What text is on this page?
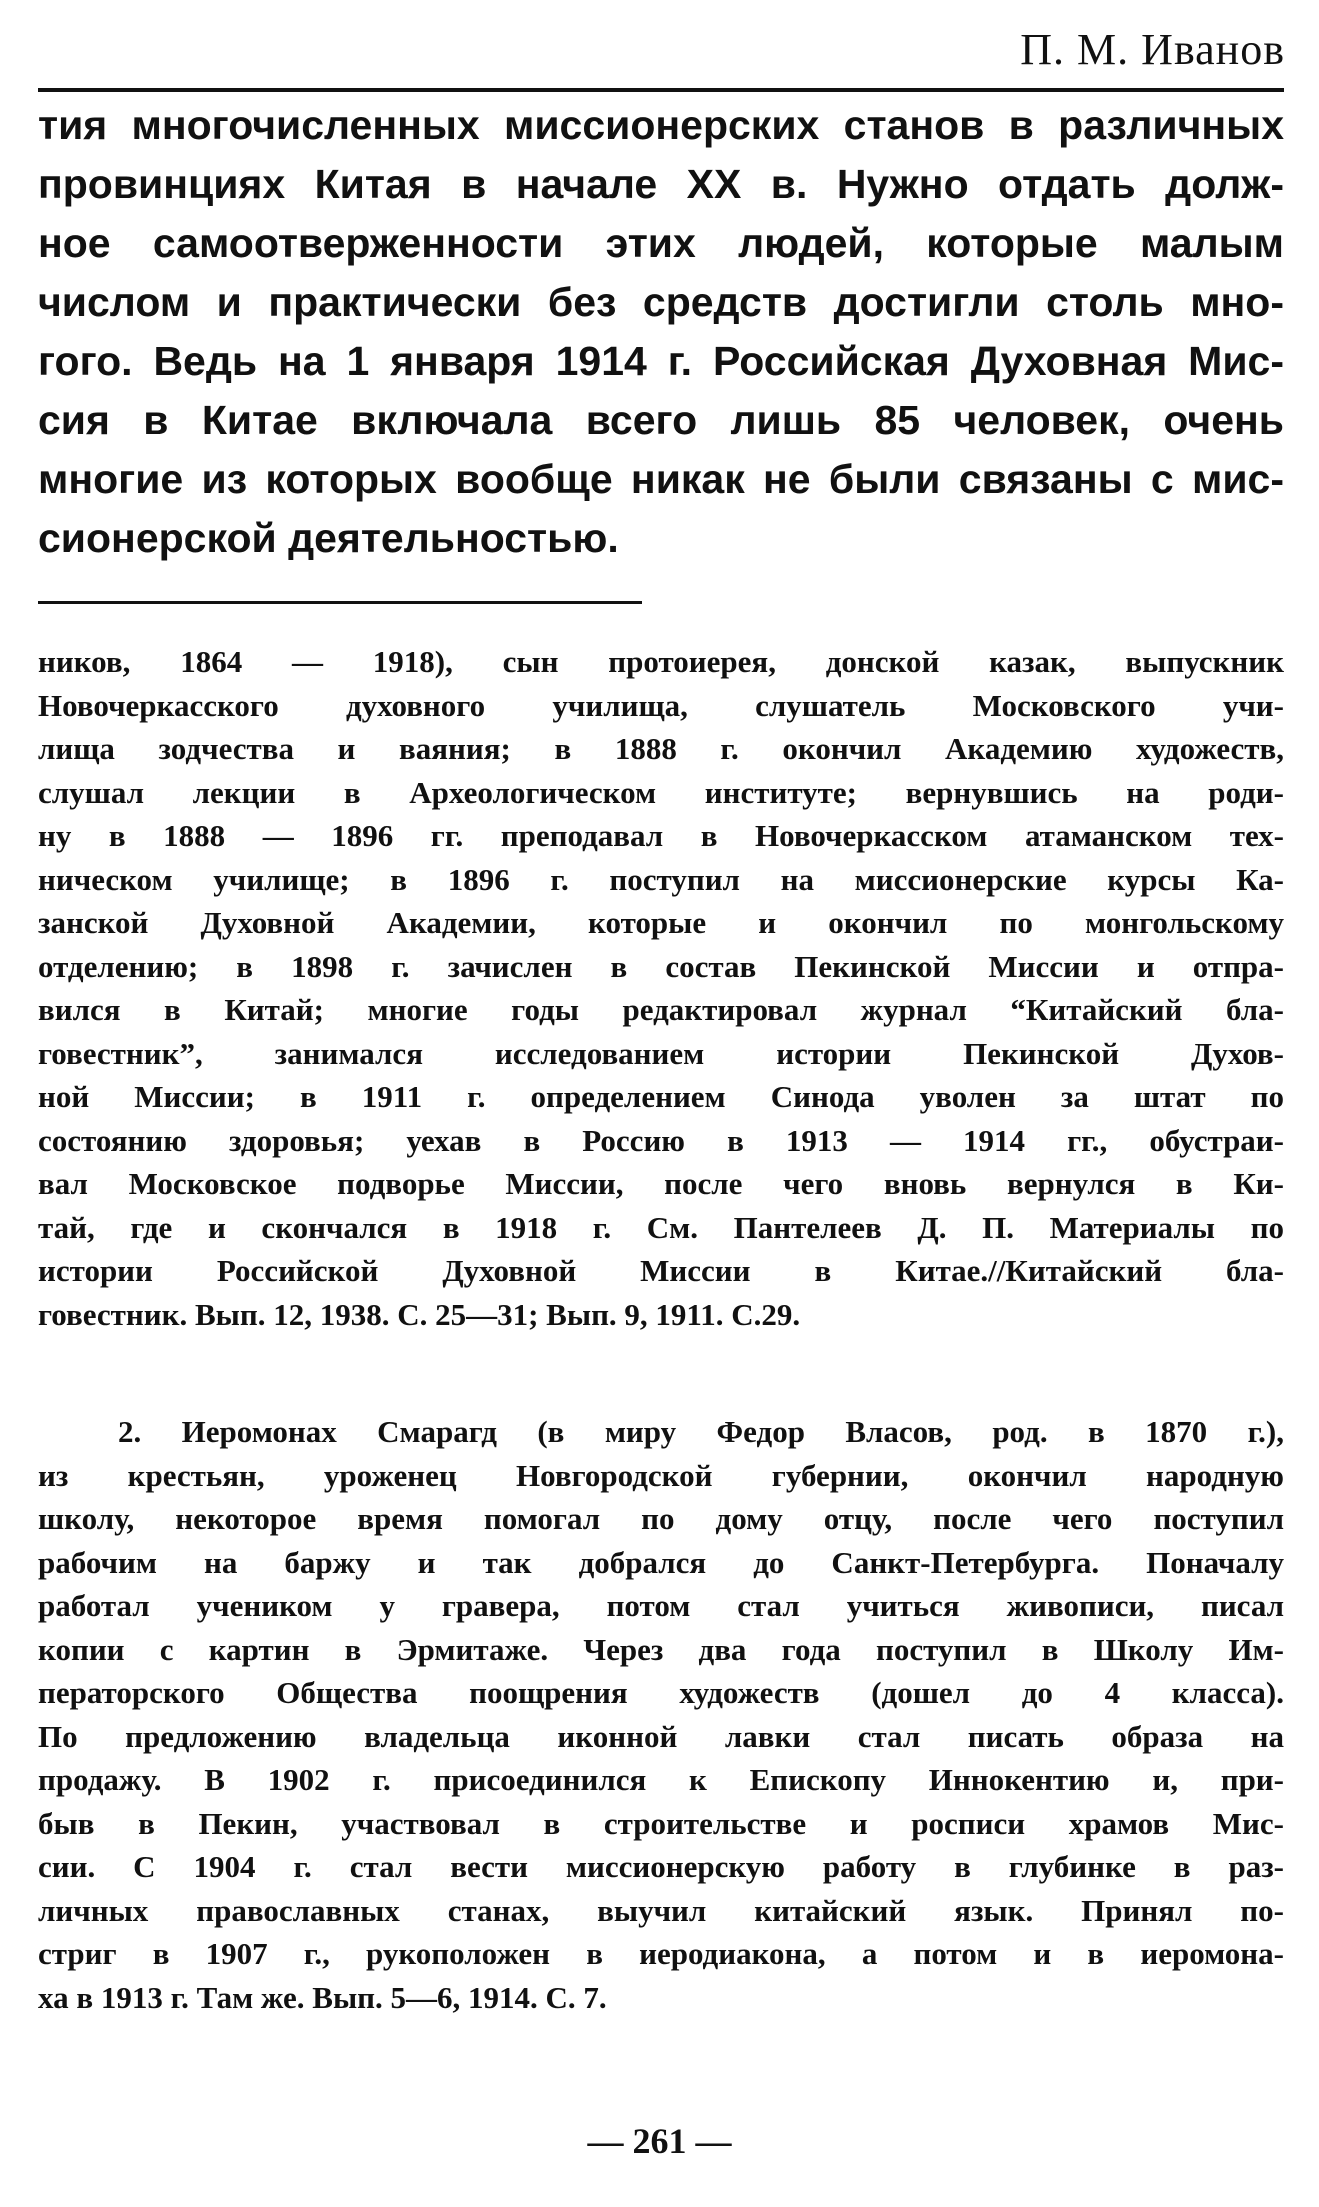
П. М. Иванов
тия многочисленных миссионерских станов в различных
провинциях Китая в начале XX в. Нужно отдать долж-
ное самоотверженности этих людей, которые малым
числом и практически без средств достигли столь мно-
гого. Ведь на 1 января 1914 г. Российская Духовная Мис-
сия в Китае включала всего лишь 85 человек, очень
многие из которых вообще никак не были связаны с мис-
сионерской деятельностью.
ников, 1864 — 1918), сын протоиерея, донской казак, выпускник
Новочеркасского духовного училища, слушатель Московского учи-
лища зодчества и ваяния; в 1888 г. окончил Академию художеств,
слушал лекции в Археологическом институте; вернувшись на роди-
ну в 1888 — 1896 гг. преподавал в Новочеркасском атаманском тех-
ническом училище; в 1896 г. поступил на миссионерские курсы Ка-
занской Духовной Академии, которые и окончил по монгольскому
отделению; в 1898 г. зачислен в состав Пекинской Миссии и отпра-
вился в Китай; многие годы редактировал журнал “Китайский бла-
говестник”, занимался исследованием истории Пекинской Духов-
ной Миссии; в 1911 г. определением Синода уволен за штат по
состоянию здоровья; уехав в Россию в 1913 — 1914 гг., обустраи-
вал Московское подворье Миссии, после чего вновь вернулся в Ки-
тай, где и скончался в 1918 г. См. Пантелеев Д. П. Материалы по
истории Российской Духовной Миссии в Китае.//Китайский бла-
говестник. Вып. 12, 1938. С. 25—31; Вып. 9, 1911. С.29.
2. Иеромонах Смарагд (в миру Федор Власов, род. в 1870 г.),
из крестьян, уроженец Новгородской губернии, окончил народную
школу, некоторое время помогал по дому отцу, после чего поступил
рабочим на баржу и так добрался до Санкт-Петербурга. Поначалу
работал учеником у гравера, потом стал учиться живописи, писал
копии с картин в Эрмитаже. Через два года поступил в Школу Им-
ператорского Общества поощрения художеств (дошел до 4 класса).
По предложению владельца иконной лавки стал писать образа на
продажу. В 1902 г. присоединился к Епископу Иннокентию и, при-
быв в Пекин, участвовал в строительстве и росписи храмов Мис-
сии. С 1904 г. стал вести миссионерскую работу в глубинке в раз-
личных православных станах, выучил китайский язык. Принял по-
стриг в 1907 г., рукоположен в иеродиакона, а потом и в иеромона-
ха в 1913 г. Там же. Вып. 5—6, 1914. С. 7.
— 261 —
